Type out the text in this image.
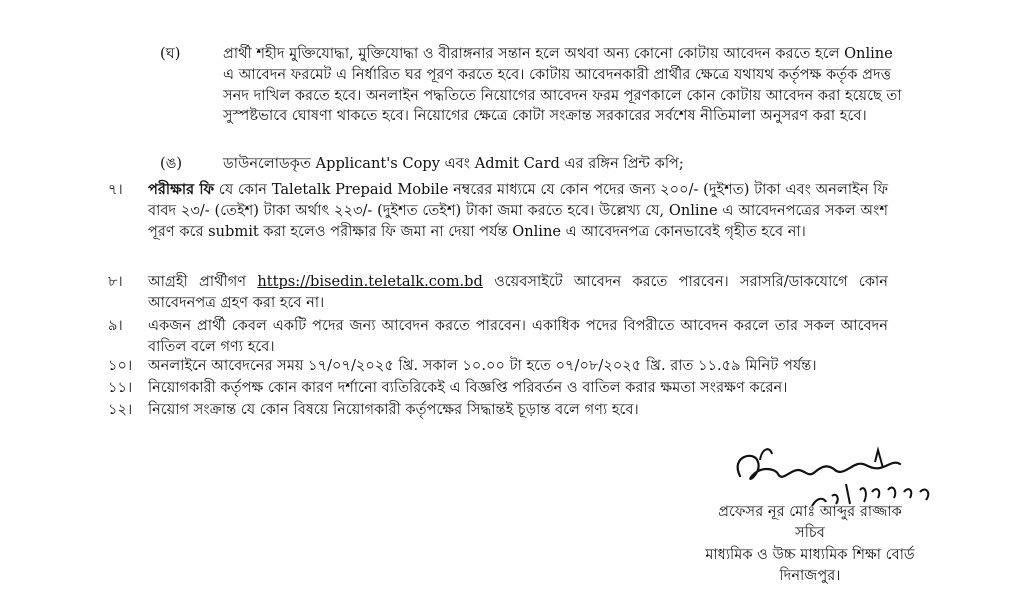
(ঘ)	প্রার্থী শহীদ মুক্তিযোদ্ধা, মুক্তিযোদ্ধা ও বীরাঙ্গনার সন্তান হলে অথবা অন্য কোনো কোটায় আবেদন করতে হলে Online এ আবেদন ফরমেট এ নির্ধারিত ঘর পূরণ করতে হবে। কোটায় আবেদনকারী প্রার্থীর ক্ষেত্রে যথাযথ কর্তৃপক্ষ কর্তৃক প্রদত্ত সনদ দাখিল করতে হবে। অনলাইন পদ্ধতিতে নিয়োগের আবেদন ফরম পূরণকালে কোন কোটায় আবেদন করা হয়েছে তা সুস্পষ্টভাবে ঘোষণা থাকতে হবে। নিয়োগের ক্ষেত্রে কোটা সংক্রান্ত সরকারের সর্বশেষ নীতিমালা অনুসরণ করা হবে।
(ঙ)	ডাউনলোডকৃত Applicant's Copy এবং Admit Card এর রঙ্গিন প্রিন্ট কপি;
৭।	পরীক্ষার ফি যে কোন Taletalk Prepaid Mobile নম্বরের মাধ্যমে যে কোন পদের জন্য ২০০/- (দুইশত) টাকা এবং অনলাইন ফি বাবদ ২৩/- (তেইশ) টাকা অর্থাৎ ২২৩/- (দুইশত তেইশ) টাকা জমা করতে হবে। উল্লেখ্য যে, Online এ আবেদনপত্রের সকল অংশ পূরণ করে submit করা হলেও পরীক্ষার ফি জমা না দেয়া পর্যন্ত Online এ আবেদনপত্র কোনভাবেই গৃহীত হবে না।
৮।	আগ্রহী প্রার্থীগণ https://bisedin.teletalk.com.bd ওয়েবসাইটে আবেদন করতে পারবেন। সরাসরি/ডাকযোগে কোন আবেদনপত্র গ্রহণ করা হবে না।
৯।	একজন প্রার্থী কেবল একটি পদের জন্য আবেদন করতে পারবেন। একাধিক পদের বিপরীতে আবেদন করলে তার সকল আবেদন বাতিল বলে গণ্য হবে।
১০।	অনলাইনে আবেদনের সময় ১৭/০৭/২০২৫ খ্রি. সকাল ১০.০০ টা হতে ০৭/০৮/২০২৫ খ্রি. রাত ১১.৫৯ মিনিট পর্যন্ত।
১১।	নিয়োগকারী কর্তৃপক্ষ কোন কারণ দর্শানো ব্যতিরিকেই এ বিজ্ঞপ্তি পরিবর্তন ও বাতিল করার ক্ষমতা সংরক্ষণ করেন।
১২।	নিয়োগ সংক্রান্ত যে কোন বিষয়ে নিয়োগকারী কর্তৃপক্ষের সিদ্ধান্তই চূড়ান্ত বলে গণ্য হবে।
প্রফেসর নূর মোঃ আব্দুর রাজ্জাক
সচিব
মাধ্যমিক ও উচ্চ মাধ্যমিক শিক্ষা বোর্ড
দিনাজপুর।
